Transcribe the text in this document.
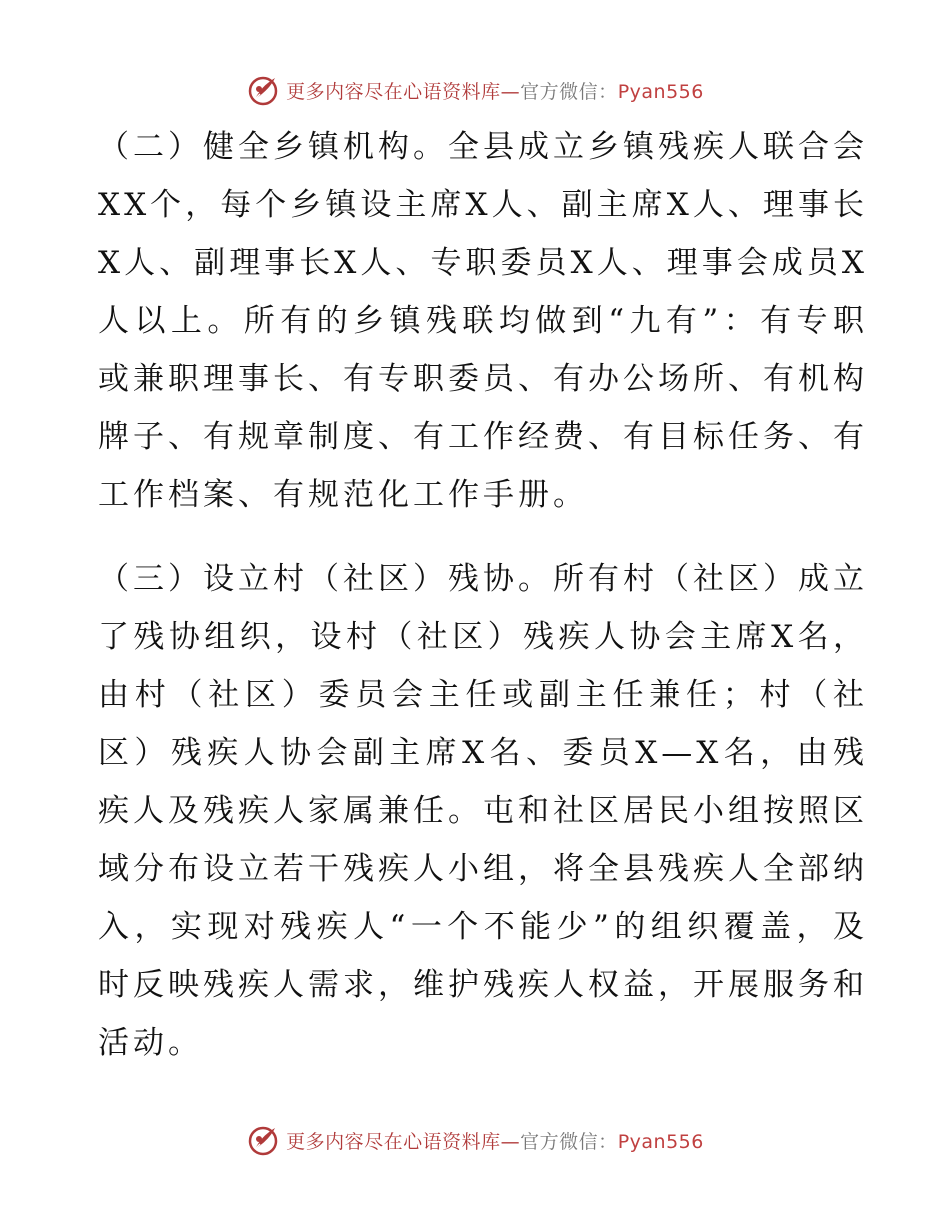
更多内容尽在心语资料库—官方微信：Pyan556

（二）健全乡镇机构。全县成立乡镇残疾人联合会XX个，每个乡镇设主席X人、副主席X人、理事长X人、副理事长X人、专职委员X人、理事会成员X人以上。所有的乡镇残联均做到“九有”：有专职或兼职理事长、有专职委员、有办公场所、有机构牌子、有规章制度、有工作经费、有目标任务、有工作档案、有规范化工作手册。

（三）设立村（社区）残协。所有村（社区）成立了残协组织，设村（社区）残疾人协会主席X名，由村（社区）委员会主任或副主任兼任；村（社区）残疾人协会副主席X名、委员X—X名，由残疾人及残疾人家属兼任。屯和社区居民小组按照区域分布设立若干残疾人小组，将全县残疾人全部纳入，实现对残疾人“一个不能少”的组织覆盖，及时反映残疾人需求，维护残疾人权益，开展服务和活动。

更多内容尽在心语资料库—官方微信：Pyan556
